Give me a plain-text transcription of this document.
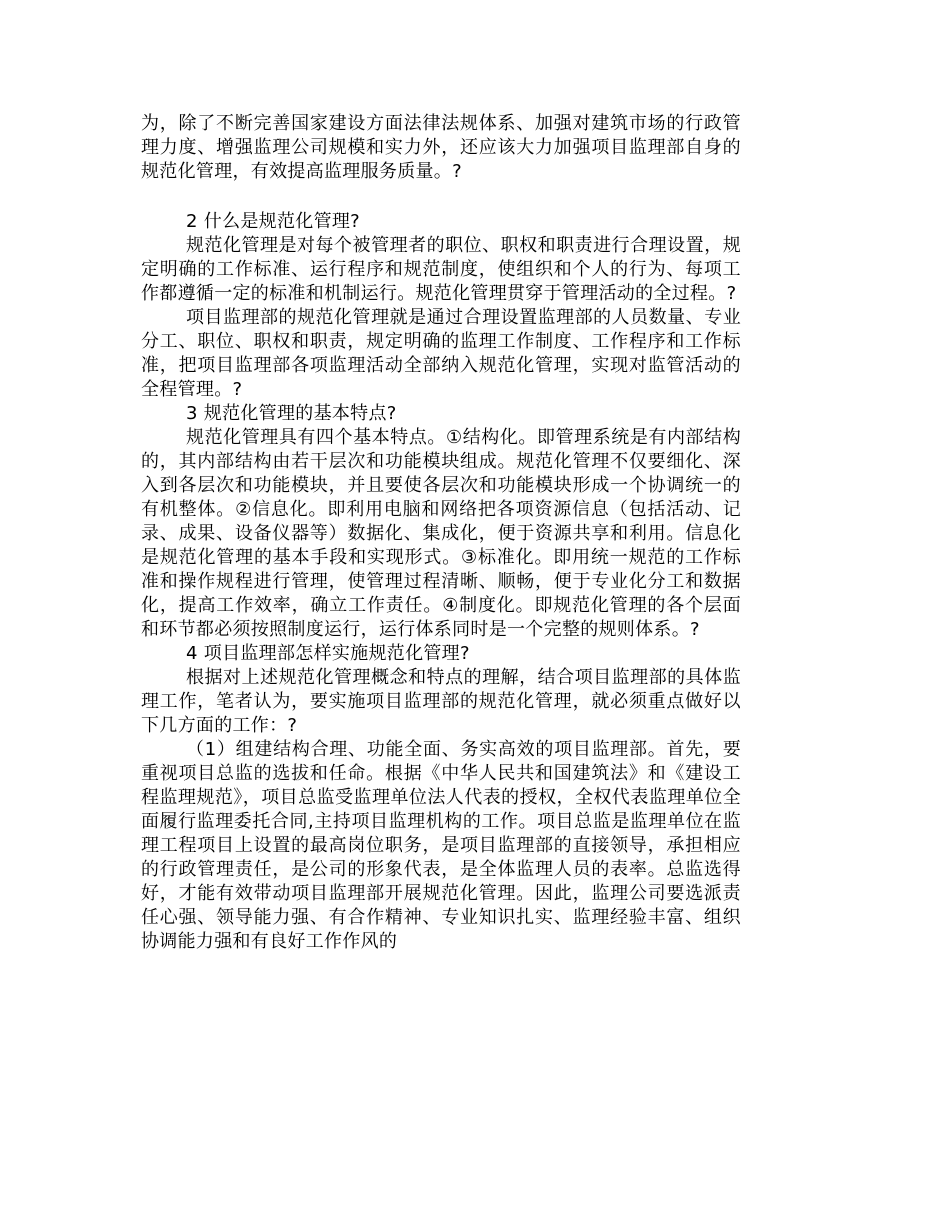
为，除了不断完善国家建设方面法律法规体系、加强对建筑市场的行政管理力度、增强监理公司规模和实力外，还应该大力加强项目监理部自身的规范化管理，有效提高监理服务质量。?

2 什么是规范化管理?

规范化管理是对每个被管理者的职位、职权和职责进行合理设置，规定明确的工作标准、运行程序和规范制度，使组织和个人的行为、每项工作都遵循一定的标准和机制运行。规范化管理贯穿于管理活动的全过程。?

项目监理部的规范化管理就是通过合理设置监理部的人员数量、专业分工、职位、职权和职责，规定明确的监理工作制度、工作程序和工作标准，把项目监理部各项监理活动全部纳入规范化管理，实现对监管活动的全程管理。?

3 规范化管理的基本特点?

规范化管理具有四个基本特点。①结构化。即管理系统是有内部结构的，其内部结构由若干层次和功能模块组成。规范化管理不仅要细化、深入到各层次和功能模块，并且要使各层次和功能模块形成一个协调统一的有机整体。②信息化。即利用电脑和网络把各项资源信息（包括活动、记录、成果、设备仪器等）数据化、集成化，便于资源共享和利用。信息化是规范化管理的基本手段和实现形式。③标准化。即用统一规范的工作标准和操作规程进行管理，使管理过程清晰、顺畅，便于专业化分工和数据化，提高工作效率，确立工作责任。④制度化。即规范化管理的各个层面和环节都必须按照制度运行，运行体系同时是一个完整的规则体系。?

4 项目监理部怎样实施规范化管理?

根据对上述规范化管理概念和特点的理解，结合项目监理部的具体监理工作，笔者认为，要实施项目监理部的规范化管理，就必须重点做好以下几方面的工作：?

（1）组建结构合理、功能全面、务实高效的项目监理部。首先，要重视项目总监的选拔和任命。根据《中华人民共和国建筑法》和《建设工程监理规范》，项目总监受监理单位法人代表的授权，全权代表监理单位全面履行监理委托合同,主持项目监理机构的工作。项目总监是监理单位在监理工程项目上设置的最高岗位职务，是项目监理部的直接领导，承担相应的行政管理责任，是公司的形象代表，是全体监理人员的表率。总监选得好，才能有效带动项目监理部开展规范化管理。因此，监理公司要选派责任心强、领导能力强、有合作精神、专业知识扎实、监理经验丰富、组织协调能力强和有良好工作作风的
